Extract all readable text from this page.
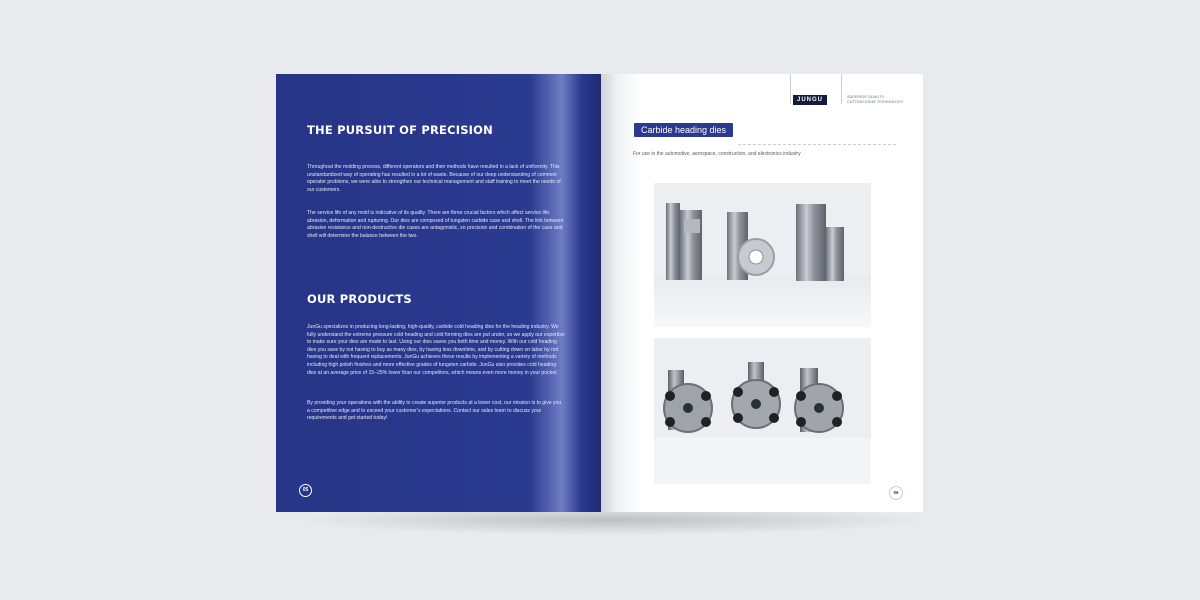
THE PURSUIT OF PRECISION

Throughout the molding process, different operators and their methods have resulted in a lack of uniformity. This unstandardized way of operating has resulted in a lot of waste. Because of our deep understanding of common operator problems, we were able to strengthen our technical management and staff training to meet the needs of our customers.

The service life of any mold is indicative of its quality. There are three crucial factors which affect service life: abrasion, deformation and rupturing. Our dies are composed of tungsten carbide case and shell. The link between abrasive resistance and non-destructive die cases are antagonistic, so precision and combination of the case and shell will determine the balance between the two.

OUR PRODUCTS

JunGu specializes in producing long-lasting, high-quality, carbide cold heading dies for the heading industry. We fully understand the extreme pressure cold heading and cold forming dies are put under, so we apply our expertise to make sure your dies are made to last. Using our dies saves you both time and money. With our cold heading dies you save by not having to buy as many dies, by having less downtime, and by cutting down on labor by not having to deal with frequent replacements. JunGu achieves these results by implementing a variety of methods including high polish finishes and more effective grades of tungsten carbide. JunGu also provides cold heading dies at an average price of 15–25% lower than our competitors, which means even more money in your pocket.

By providing your operations with the ability to create superior products at a lower cost, our mission is to give you a competitive edge and to exceed your customer’s expectations. Contact our sales team to discuss your requirements and get started today!

05
JUNGU	SUPERIOR QUALITY,
CUTTING-EDGE TECHNOLOGY
Carbide heading dies
For use in the automotive, aerospace, construction, and electronics industry
06
